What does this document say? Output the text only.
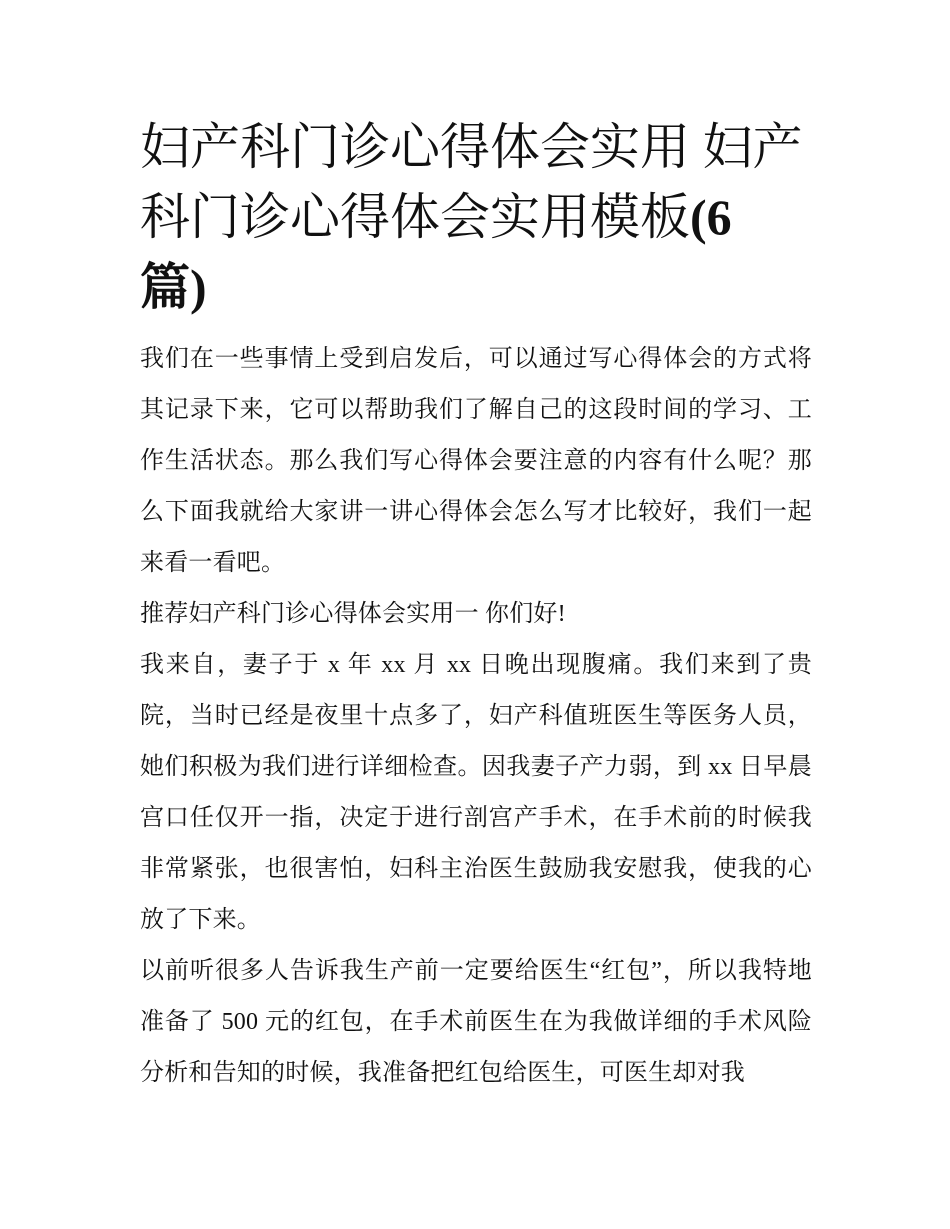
妇产科门诊心得体会实用 妇产科门诊心得体会实用模板(6
篇)

我们在一些事情上受到启发后，可以通过写心得体会的方式将其记录下来，它可以帮助我们了解自己的这段时间的学习、工作生活状态。那么我们写心得体会要注意的内容有什么呢？那么下面我就给大家讲一讲心得体会怎么写才比较好，我们一起来看一看吧。

推荐妇产科门诊心得体会实用一 你们好!

我来自，妻子于 x 年 xx 月 xx 日晚出现腹痛。我们来到了贵院，当时已经是夜里十点多了，妇产科值班医生等医务人员，她们积极为我们进行详细检查。因我妻子产力弱，到 xx 日早晨宫口任仅开一指，决定于进行剖宫产手术，在手术前的时候我非常紧张，也很害怕，妇科主治医生鼓励我安慰我，使我的心放了下来。

以前听很多人告诉我生产前一定要给医生“红包”，所以我特地准备了 500 元的红包，在手术前医生在为我做详细的手术风险分析和告知的时候，我准备把红包给医生，可医生却对我
